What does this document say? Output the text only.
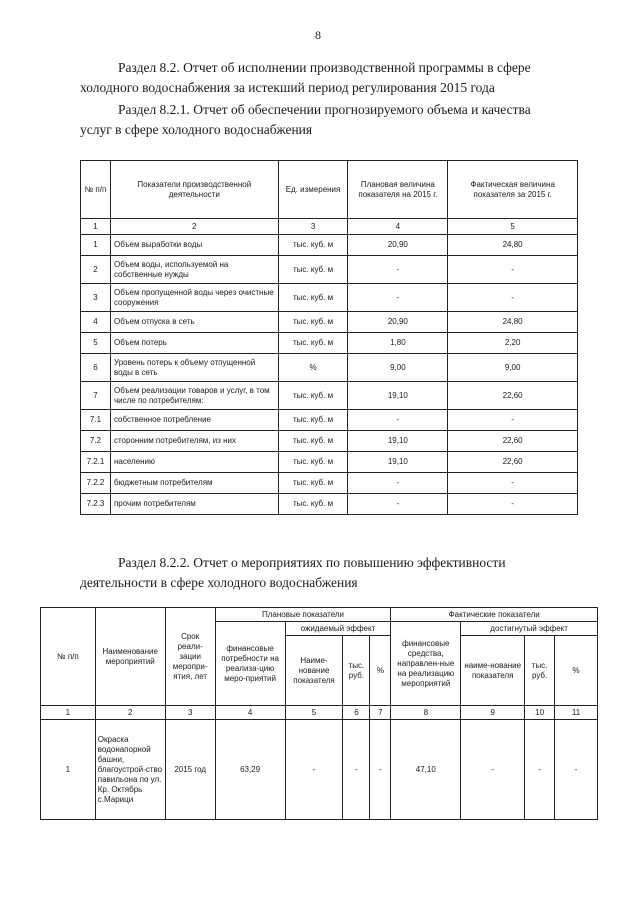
8
Раздел 8.2. Отчет об исполнении производственной программы в сфере
холодного водоснабжения за истекший период регулирования 2015 года
Раздел 8.2.1. Отчет об обеспечении прогнозируемого объема и качества
услуг в сфере холодного водоснабжения
№ п/п	Показатели производственной деятельности	Ед. измерения	Плановая величина показателя на 2015 г.	Фактическая величина показателя за 2015 г.
1	2	3	4	5
1	Объем выработки воды	тыс. куб. м	20,90	24,80
2	Объем воды, используемой на собственные нужды	тыс. куб. м	-	-
3	Объем пропущенной воды через очистные сооружения	тыс. куб. м	-	-
4	Объем отпуска в сеть	тыс. куб. м	20,90	24,80
5	Объем потерь	тыс. куб. м	1,80	2,20
6	Уровень потерь к объему отпущенной воды в сеть	%	9,00	9,00
7	Объем реализации товаров и услуг, в том числе по потребителям:	тыс. куб. м	19,10	22,60
7.1	собственное потребление	тыс. куб. м	-	-
7.2	сторонним потребителям, из них	тыс. куб. м	19,10	22,60
7.2.1	населению	тыс. куб. м	19,10	22,60
7.2.2	бюджетным потребителям	тыс. куб. м	-	-
7.2.3	прочим потребителям	тыс. куб. м	-	-
Раздел 8.2.2. Отчет о мероприятиях по повышению эффективности
деятельности в сфере холодного водоснабжения
№ п/п	Наименование мероприятий	Срок реали-зации меропри-ятия, лет	Плановые показатели				Фактические показатели			
			финансовые потребности на реализа-цию меро-приятий	ожидаемый эффект			финансовые средства, направлен-ные на реализацию мероприятий	достигнутый эффект		
				Наиме-нование показателя	тыс. руб.	%		наиме-нование показателя	тыс. руб.	%
1	2	3	4	5	6	7	8	9	10	11
1	Окраска водонапорной башни, благоустрой-ство павильона по ул. Кр. Октябрь с.Марици	2015 год	63,29	-	-	-	47,10	-	-	-
